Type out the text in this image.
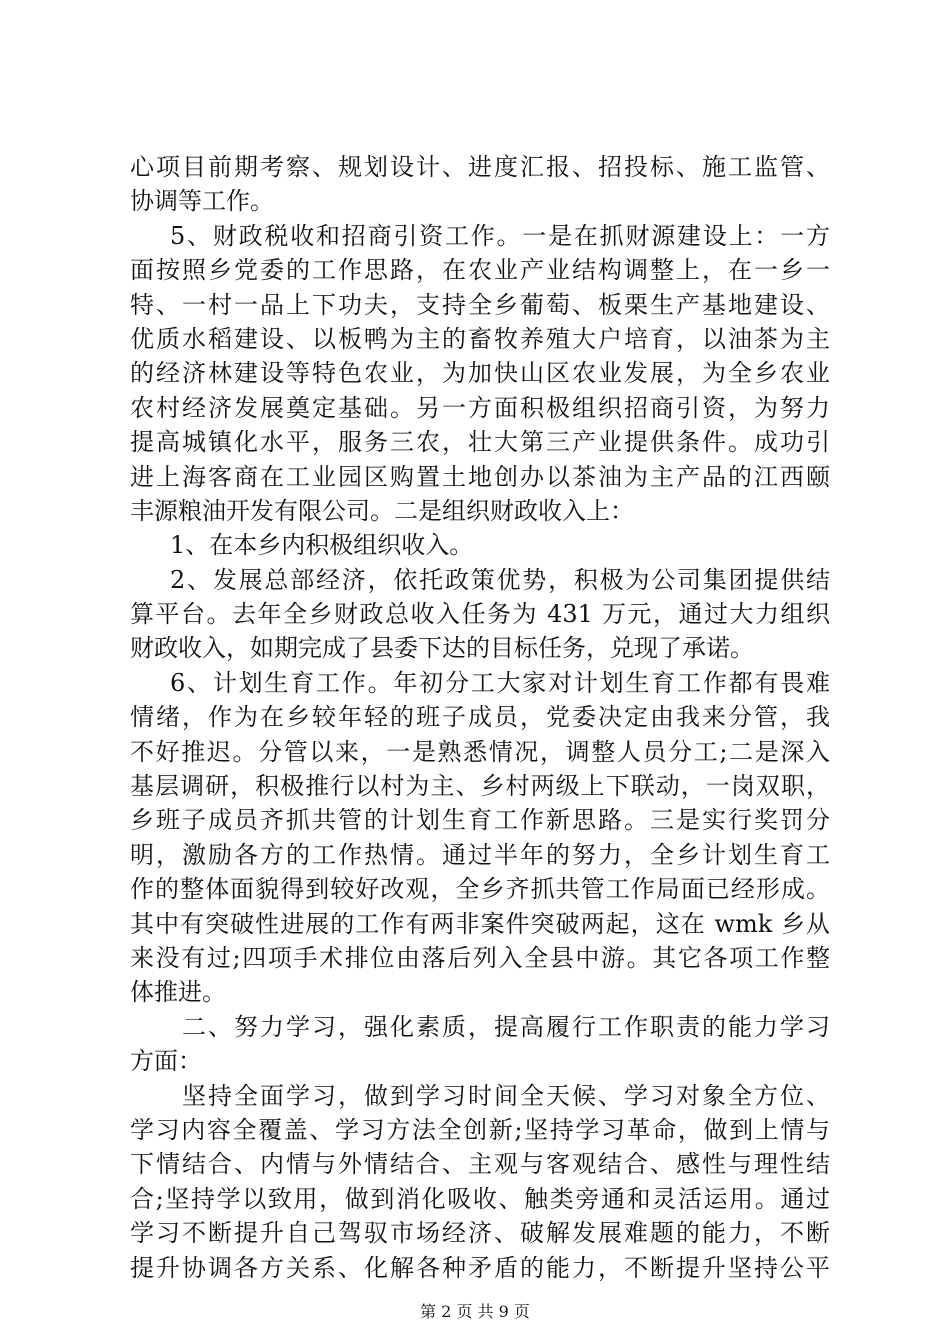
心项目前期考察、规划设计、进度汇报、招投标、施工监管、
协调等工作。
5、财政税收和招商引资工作。一是在抓财源建设上：一方
面按照乡党委的工作思路，在农业产业结构调整上，在一乡一
特、一村一品上下功夫，支持全乡葡萄、板栗生产基地建设、
优质水稻建设、以板鸭为主的畜牧养殖大户培育，以油茶为主
的经济林建设等特色农业，为加快山区农业发展，为全乡农业
农村经济发展奠定基础。另一方面积极组织招商引资，为努力
提高城镇化水平，服务三农，壮大第三产业提供条件。成功引
进上海客商在工业园区购置土地创办以茶油为主产品的江西颐
丰源粮油开发有限公司。二是组织财政收入上：
1、在本乡内积极组织收入。
2、发展总部经济，依托政策优势，积极为公司集团提供结
算平台。去年全乡财政总收入任务为 431 万元，通过大力组织
财政收入，如期完成了县委下达的目标任务，兑现了承诺。
6、计划生育工作。年初分工大家对计划生育工作都有畏难
情绪，作为在乡较年轻的班子成员，党委决定由我来分管，我
不好推迟。分管以来，一是熟悉情况，调整人员分工;二是深入
基层调研，积极推行以村为主、乡村两级上下联动，一岗双职，
乡班子成员齐抓共管的计划生育工作新思路。三是实行奖罚分
明，激励各方的工作热情。通过半年的努力，全乡计划生育工
作的整体面貌得到较好改观，全乡齐抓共管工作局面已经形成。
其中有突破性进展的工作有两非案件突破两起，这在 wmk 乡从
来没有过;四项手术排位由落后列入全县中游。其它各项工作整
体推进。
二、努力学习，强化素质，提高履行工作职责的能力学习
方面：
坚持全面学习，做到学习时间全天候、学习对象全方位、
学习内容全覆盖、学习方法全创新;坚持学习革命，做到上情与
下情结合、内情与外情结合、主观与客观结合、感性与理性结
合;坚持学以致用，做到消化吸收、触类旁通和灵活运用。通过
学习不断提升自己驾驭市场经济、破解发展难题的能力，不断
提升协调各方关系、化解各种矛盾的能力，不断提升坚持公平
第 2 页 共 9 页
